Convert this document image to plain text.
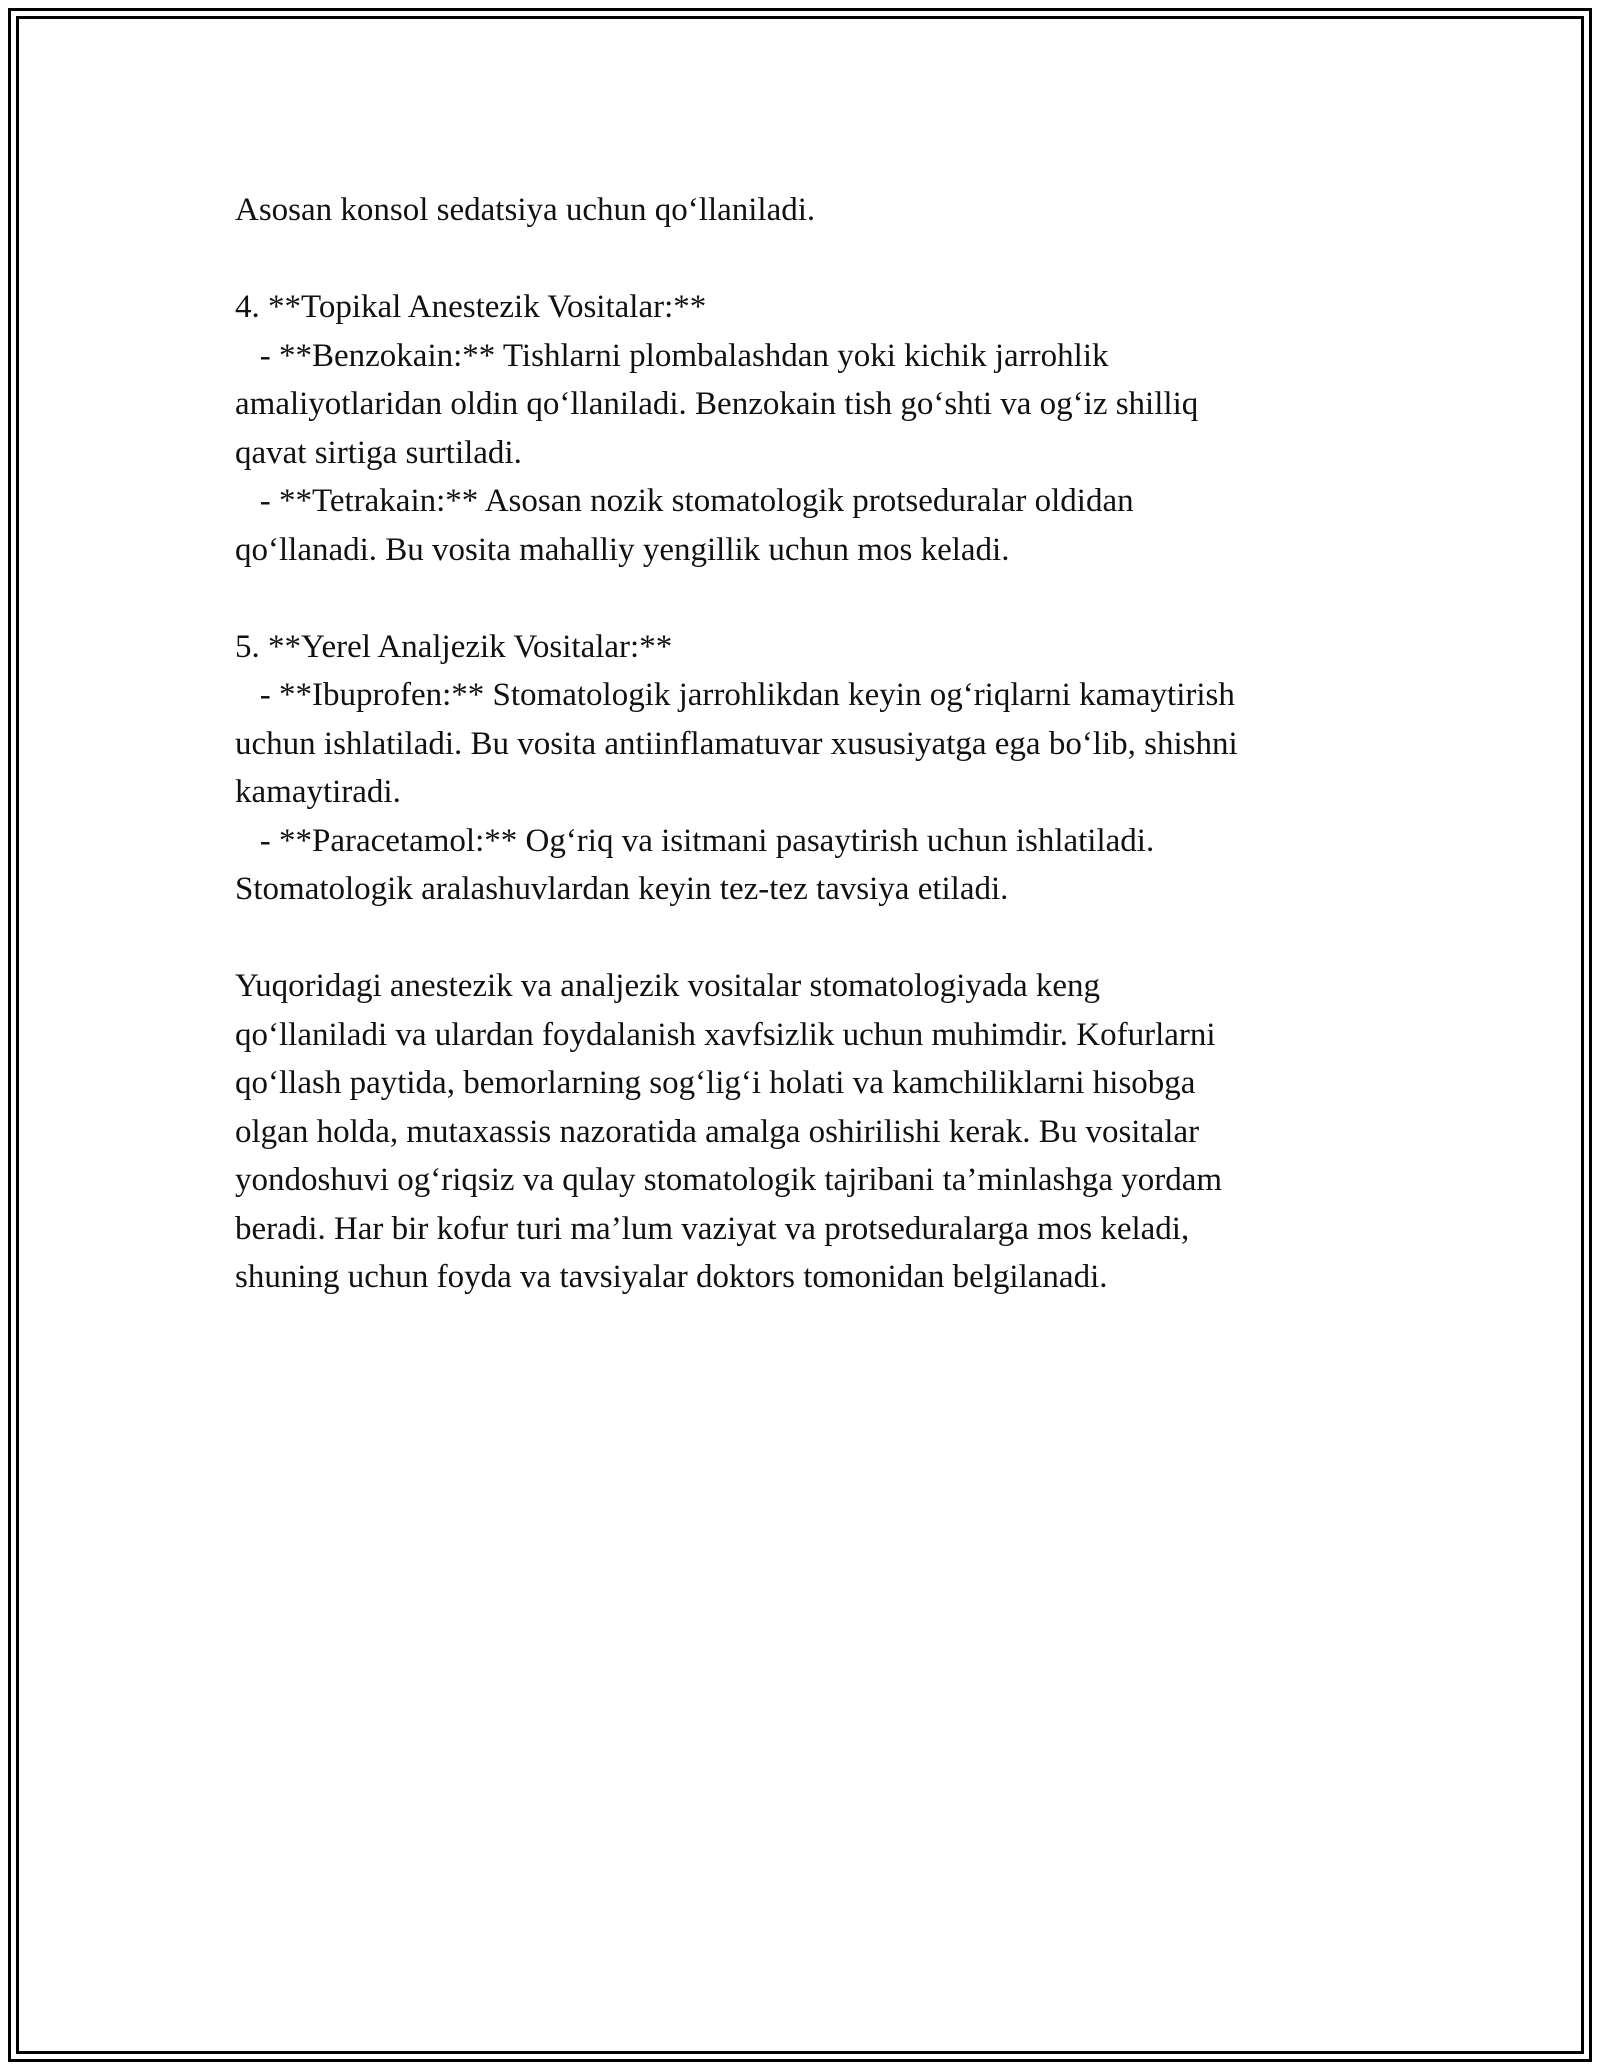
Asosan konsol sedatsiya uchun qo‘llaniladi.

4. **Topikal Anestezik Vositalar:**

- **Benzokain:** Tishlarni plombalashdan yoki kichik jarrohlik
amaliyotlaridan oldin qo‘llaniladi. Benzokain tish go‘shti va og‘iz shilliq
qavat sirtiga surtiladi.

- **Tetrakain:** Asosan nozik stomatologik protseduralar oldidan
qo‘llanadi. Bu vosita mahalliy yengillik uchun mos keladi.

5. **Yerel Analjezik Vositalar:**

- **Ibuprofen:** Stomatologik jarrohlikdan keyin og‘riqlarni kamaytirish
uchun ishlatiladi. Bu vosita antiinflamatuvar xususiyatga ega bo‘lib, shishni
kamaytiradi.

- **Paracetamol:** Og‘riq va isitmani pasaytirish uchun ishlatiladi.
Stomatologik aralashuvlardan keyin tez-tez tavsiya etiladi.

Yuqoridagi anestezik va analjezik vositalar stomatologiyada keng
qo‘llaniladi va ulardan foydalanish xavfsizlik uchun muhimdir. Kofurlarni
qo‘llash paytida, bemorlarning sog‘lig‘i holati va kamchiliklarni hisobga
olgan holda, mutaxassis nazoratida amalga oshirilishi kerak. Bu vositalar
yondoshuvi og‘riqsiz va qulay stomatologik tajribani ta’minlashga yordam
beradi. Har bir kofur turi ma’lum vaziyat va protseduralarga mos keladi,
shuning uchun foyda va tavsiyalar doktors tomonidan belgilanadi.
